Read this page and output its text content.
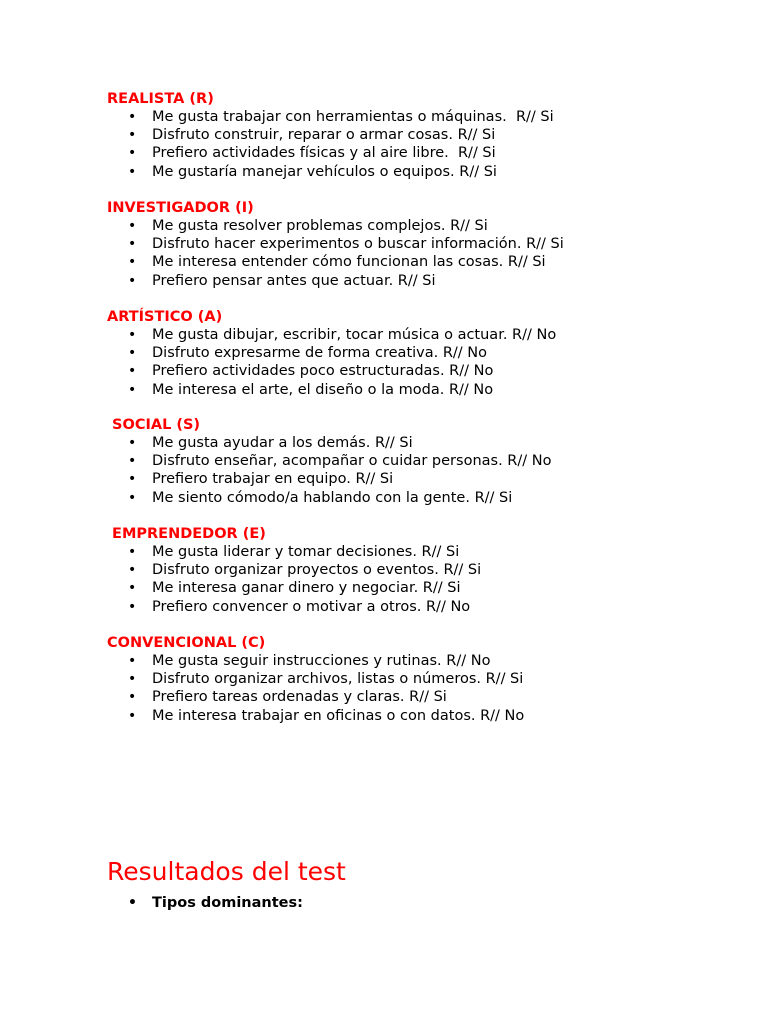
REALISTA (R)
• Me gusta trabajar con herramientas o máquinas.  R// Si
• Disfruto construir, reparar o armar cosas. R// Si
• Prefiero actividades físicas y al aire libre.  R// Si
• Me gustaría manejar vehículos o equipos. R// Si
INVESTIGADOR (I)
• Me gusta resolver problemas complejos. R// Si
• Disfruto hacer experimentos o buscar información. R// Si
• Me interesa entender cómo funcionan las cosas. R// Si
• Prefiero pensar antes que actuar. R// Si
ARTÍSTICO (A)
• Me gusta dibujar, escribir, tocar música o actuar. R// No
• Disfruto expresarme de forma creativa. R// No
• Prefiero actividades poco estructuradas. R// No
• Me interesa el arte, el diseño o la moda. R// No
SOCIAL (S)
• Me gusta ayudar a los demás. R// Si
• Disfruto enseñar, acompañar o cuidar personas. R// No
• Prefiero trabajar en equipo. R// Si
• Me siento cómodo/a hablando con la gente. R// Si
EMPRENDEDOR (E)
• Me gusta liderar y tomar decisiones. R// Si
• Disfruto organizar proyectos o eventos. R// Si
• Me interesa ganar dinero y negociar. R// Si
• Prefiero convencer o motivar a otros. R// No
CONVENCIONAL (C)
• Me gusta seguir instrucciones y rutinas. R// No
• Disfruto organizar archivos, listas o números. R// Si
• Prefiero tareas ordenadas y claras. R// Si
• Me interesa trabajar en oficinas o con datos. R// No
Resultados del test
• Tipos dominantes:
